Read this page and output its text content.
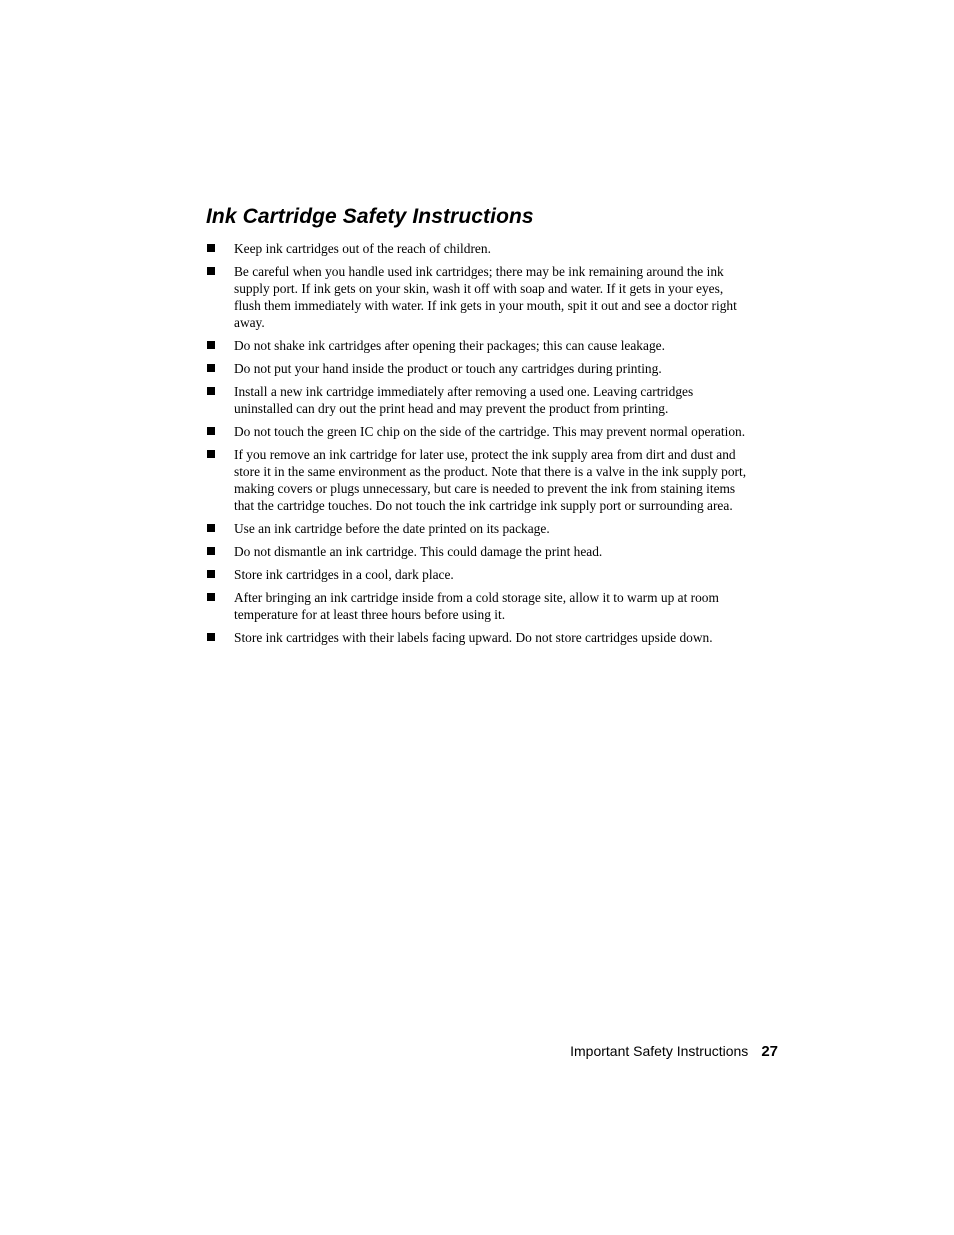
Ink Cartridge Safety Instructions
Keep ink cartridges out of the reach of children.
Be careful when you handle used ink cartridges; there may be ink remaining around the ink supply port. If ink gets on your skin, wash it off with soap and water. If it gets in your eyes, flush them immediately with water. If ink gets in your mouth, spit it out and see a doctor right away.
Do not shake ink cartridges after opening their packages; this can cause leakage.
Do not put your hand inside the product or touch any cartridges during printing.
Install a new ink cartridge immediately after removing a used one. Leaving cartridges uninstalled can dry out the print head and may prevent the product from printing.
Do not touch the green IC chip on the side of the cartridge. This may prevent normal operation.
If you remove an ink cartridge for later use, protect the ink supply area from dirt and dust and store it in the same environment as the product. Note that there is a valve in the ink supply port, making covers or plugs unnecessary, but care is needed to prevent the ink from staining items that the cartridge touches. Do not touch the ink cartridge ink supply port or surrounding area.
Use an ink cartridge before the date printed on its package.
Do not dismantle an ink cartridge. This could damage the print head.
Store ink cartridges in a cool, dark place.
After bringing an ink cartridge inside from a cold storage site, allow it to warm up at room temperature for at least three hours before using it.
Store ink cartridges with their labels facing upward. Do not store cartridges upside down.
Important Safety Instructions 27
